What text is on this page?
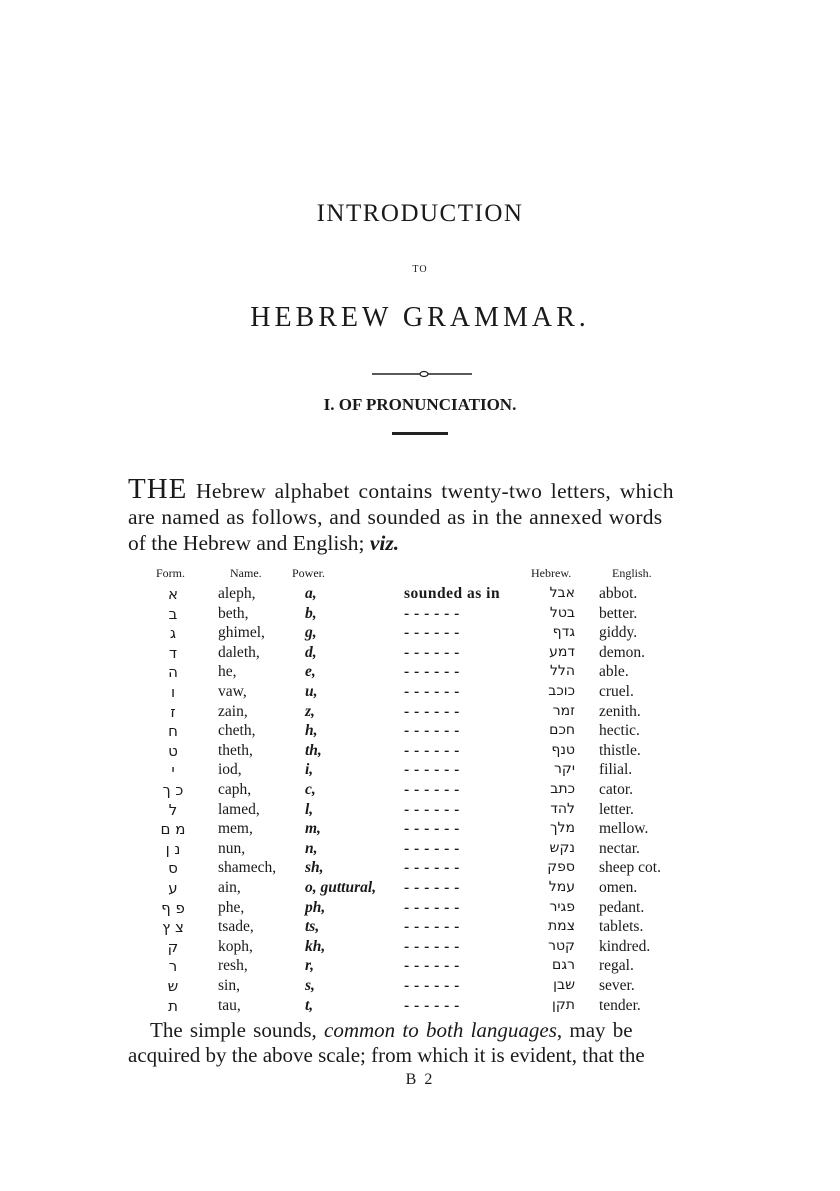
INTRODUCTION
TO
HEBREW GRAMMAR.
I. OF PRONUNCIATION.
THE Hebrew alphabet contains twenty-two letters, which
are named as follows, and sounded as in the annexed words
of the Hebrew and English; viz.
Form.	Name.	Power.	Hebrew.	English.
א	aleph,	a,	sounded as in	אבל abbot.
ב	beth,	b,	- - - - - -	בטל better.
ג	ghimel,	g,	- - - - - -	גדף giddy.
ד	daleth,	d,	- - - - - -	דמע demon.
ה	he,	e,	- - - - - -	הלל able.
ו	vaw,	u,	- - - - - -	כוכב cruel.
ז	zain,	z,	- - - - - -	זמר zenith.
ח	cheth,	h,	- - - - - -	חכם hectic.
ט	theth,	th,	- - - - - -	טנף thistle.
י	iod,	i,	- - - - - -	יקר filial.
כ ך	caph,	c,	- - - - - -	כתב cator.
ל	lamed,	l,	- - - - - -	להד letter.
מ ם	mem,	m,	- - - - - -	מלך mellow.
נ ן	nun,	n,	- - - - - -	נקש nectar.
ס	shamech, sh,	- - - - - -	ספק sheep cot.
ע	ain,	o, guttural, - - - - - -	עמל omen.
פ ף	phe,	ph,	- - - - - -	פגיר pedant.
צ ץ	tsade,	ts,	- - - - - -	צמת tablets.
ק	koph,	kh,	- - - - - -	קטר kindred.
ר	resh,	r,	- - - - - -	רגם regal.
ש	sin,	s,	- - - - - -	שבן sever.
ת	tau,	t,	- - - - - -	תקן tender.
The simple sounds, common to both languages, may be
acquired by the above scale; from which it is evident, that the
B 2
